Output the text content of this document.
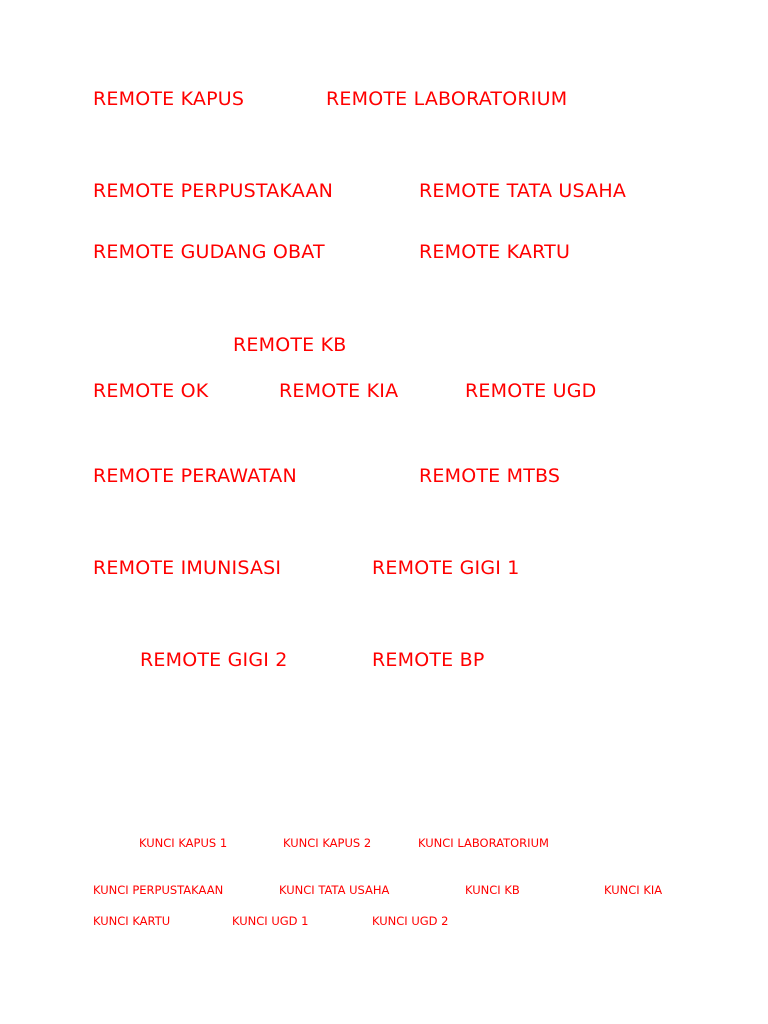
REMOTE KAPUS	REMOTE LABORATORIUM
REMOTE PERPUSTAKAAN	REMOTE TATA USAHA
REMOTE GUDANG OBAT	REMOTE KARTU
REMOTE KB
REMOTE OK	REMOTE KIA	REMOTE UGD
REMOTE PERAWATAN	REMOTE MTBS
REMOTE IMUNISASI	REMOTE GIGI 1
REMOTE GIGI 2	REMOTE BP
KUNCI KAPUS 1	KUNCI KAPUS 2	KUNCI LABORATORIUM
KUNCI PERPUSTAKAAN	KUNCI TATA USAHA	KUNCI KB	KUNCI KIA
KUNCI KARTU	KUNCI UGD 1	KUNCI UGD 2
